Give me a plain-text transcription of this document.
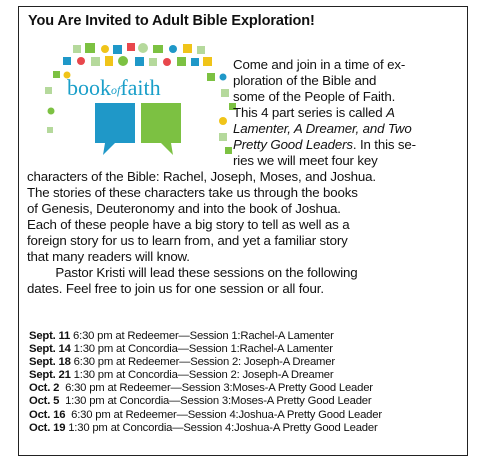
You Are Invited to Adult Bible Exploration!
bookoffaith
Come and join in a time of ex-
ploration of the Bible and
some of the People of Faith.
This 4 part series is called A
Lamenter, A Dreamer, and Two
Pretty Good Leaders. In this se-
ries we will meet four key
characters of the Bible: Rachel, Joseph, Moses, and Joshua.
The stories of these characters take us through the books
of Genesis, Deuteronomy and into the book of Joshua.
Each of these people have a big story to tell as well as a
foreign story for us to learn from, and yet a familiar story
that many readers will know.
Pastor Kristi will lead these sessions on the following
dates. Feel free to join us for one session or all four.
Sept. 11 6:30 pm at Redeemer—Session 1:Rachel-A Lamenter
Sept. 14 1:30 pm at Concordia—Session 1:Rachel-A Lamenter
Sept. 18 6:30 pm at Redeemer—Session 2: Joseph-A Dreamer
Sept. 21 1:30 pm at Concordia—Session 2: Joseph-A Dreamer
Oct. 2  6:30 pm at Redeemer—Session 3:Moses-A Pretty Good Leader
Oct. 5  1:30 pm at Concordia—Session 3:Moses-A Pretty Good Leader
Oct. 16  6:30 pm at Redeemer—Session 4:Joshua-A Pretty Good Leader
Oct. 19 1:30 pm at Concordia—Session 4:Joshua-A Pretty Good Leader
